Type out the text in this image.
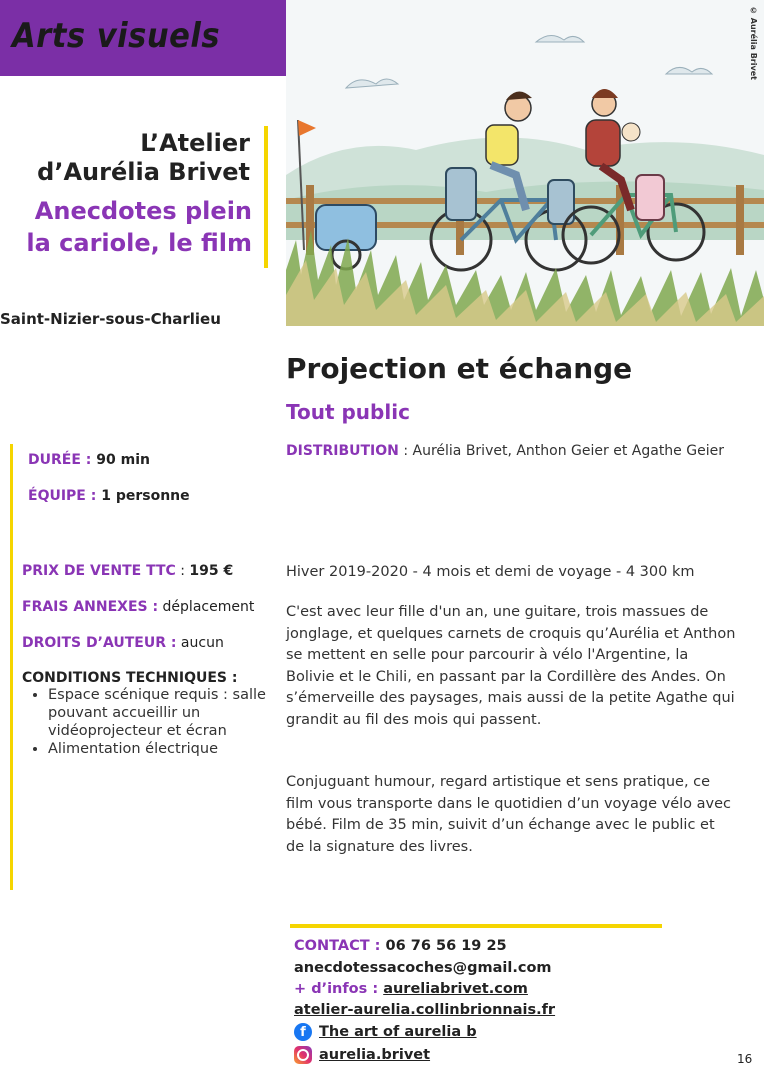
Arts visuels	© Aurélia Brivet
L’Atelier
d’Aurélia Brivet
Anecdotes plein
la cariole, le film
Saint-Nizier-sous-Charlieu
Projection et échange
Tout public
DISTRIBUTION : Aurélia Brivet, Anthon Geier et Agathe Geier
DURÉE : 90 min
ÉQUIPE : 1 personne
PRIX DE VENTE TTC : 195 €
FRAIS ANNEXES : déplacement
DROITS D’AUTEUR : aucun
CONDITIONS TECHNIQUES :
• Espace scénique requis : salle pouvant accueillir un vidéoprojecteur et écran
• Alimentation électrique

Hiver 2019-2020 - 4 mois et demi de voyage - 4 300 km

C'est avec leur fille d'un an, une guitare, trois massues de jonglage, et quelques carnets de croquis qu’Aurélia et Anthon se mettent en selle pour parcourir à vélo l'Argentine, la Bolivie et le Chili, en passant par la Cordillère des Andes. On s’émerveille des paysages, mais aussi de la petite Agathe qui grandit au fil des mois qui passent.

Conjuguant humour, regard artistique et sens pratique, ce film vous transporte dans le quotidien d’un voyage vélo avec bébé. Film de 35 min, suivit d’un échange avec le public et de la signature des livres.

CONTACT : 06 76 56 19 25
anecdotessacoches@gmail.com
+ d’infos : aureliabrivet.com
atelier-aurelia.collinbrionnais.fr
f The art of aurelia b
aurelia.brivet	16
